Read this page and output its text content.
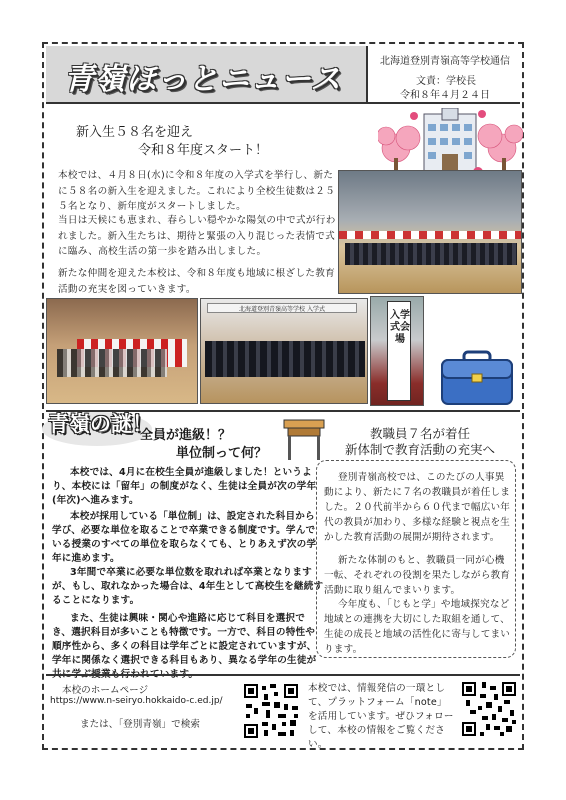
青嶺ほっとニュース
北海道登別青嶺高等学校通信
文責：学校長
令和８年４月２４日
新入生５８名を迎え
令和８年度スタート！
本校では、４月８日(水)に令和８年度の入学式を挙行し、新たに５８名の新入生を迎えました。これにより全校生徒数は２５５名となり、新年度がスタートしました。
当日は天候にも恵まれ、春らしい穏やかな陽気の中で式が行われました。新入生たちは、期待と緊張の入り混じった表情で式に臨み、高校生活の第一歩を踏み出しました。
新たな仲間を迎えた本校は、令和８年度も地域に根ざした教育活動の充実を図っていきます。
北海道登別青嶺高等学校 入学式
入学式会場
青嶺の謎！
全員が進級！？
単位制って何？
本校では、4月に在校生全員が進級しました！というより、本校には「留年」の制度がなく、生徒は全員が次の学年(年次)へ進みます。
本校が採用している「単位制」は、設定された科目から学び、必要な単位を取ることで卒業できる制度です。学んでいる授業のすべての単位を取らなくても、とりあえず次の学年に進めます。
3年間で卒業に必要な単位数を取れれば卒業となりますが、もし、取れなかった場合は、4年生として高校生を継続することになります。
また、生徒は興味・関心や進路に応じて科目を選択でき、選択科目が多いことも特徴です。一方で、科目の特性や順序性から、多くの科目は学年ごとに設定されていますが、学年に関係なく選択できる科目もあり、異なる学年の生徒が共に学ぶ授業も行われています。
教職員７名が着任
新体制で教育活動の充実へ
登別青嶺高校では、このたびの人事異動により、新たに７名の教職員が着任しました。２０代前半から６０代まで幅広い年代の教員が加わり、多様な経験と視点を生かした教育活動の展開が期待されます。
新たな体制のもと、教職員一同が心機一転、それぞれの役割を果たしながら教育活動に取り組んでまいります。
今年度も、「じもと学」や地域探究など地域との連携を大切にした取組を通して、生徒の成長と地域の活性化に寄与してまいります。
本校のホームページ
https://www.n-seiryo.hokkaido-c.ed.jp/
または、「登別青嶺」で検索
本校では、情報発信の一環として、プラットフォーム「note」を活用しています。ぜひフォローして、本校の情報をご覧ください。
